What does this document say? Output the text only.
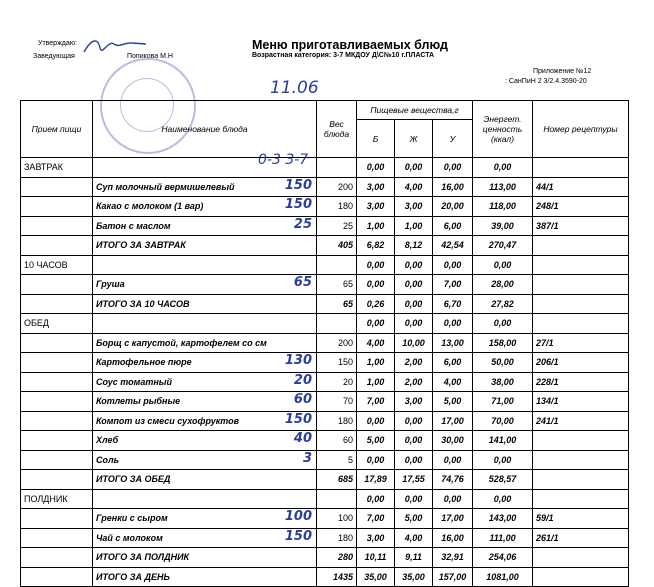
Утверждаю:
Заведующая	Попикова М.Н
Меню приготавливаемых блюд
Возрастная категория: 3-7 МКДОУ Д\С№10 г.ПЛАСТА
Приложение №12
: СанПиН 2 3/2.4.3590-20
11.06
0-3 3-7
Прием пищи	Наименование блюда	Вес блюда	Пищевые вещества,г			Энергет. ценность (ккал)	Номер рецептуры
			Б	Ж	У		
ЗАВТРАК			0,00	0,00	0,00	0,00	
	Суп молочный вермишелевый 150	200	3,00	4,00	16,00	113,00	44/1
	Какао с молоком (1 вар) 150	180	3,00	3,00	20,00	118,00	248/1
	Батон с маслом 25	25	1,00	1,00	6,00	39,00	387/1
	ИТОГО ЗА ЗАВТРАК	405	6,82	8,12	42,54	270,47	
10 ЧАСОВ			0,00	0,00	0,00	0,00	
	Груша 65	65	0,00	0,00	7,00	28,00	
	ИТОГО ЗА 10 ЧАСОВ	65	0,26	0,00	6,70	27,82	
ОБЕД			0,00	0,00	0,00	0,00	
	Борщ с капустой, картофелем со см	200	4,00	10,00	13,00	158,00	27/1
	Картофельное пюре 130	150	1,00	2,00	6,00	50,00	206/1
	Соус томатный 20	20	1,00	2,00	4,00	38,00	228/1
	Котлеты рыбные 60	70	7,00	3,00	5,00	71,00	134/1
	Компот из смеси сухофруктов 150	180	0,00	0,00	17,00	70,00	241/1
	Хлеб 40	60	5,00	0,00	30,00	141,00	
	Соль 3	5	0,00	0,00	0,00	0,00	
	ИТОГО ЗА ОБЕД	685	17,89	17,55	74,76	528,57	
ПОЛДНИК			0,00	0,00	0,00	0,00	
	Гренки с сыром 100	100	7,00	5,00	17,00	143,00	59/1
	Чай с молоком 150	180	3,00	4,00	16,00	111,00	261/1
	ИТОГО ЗА ПОЛДНИК	280	10,11	9,11	32,91	254,06	
	ИТОГО ЗА ДЕНЬ	1435	35,00	35,00	157,00	1081,00	
